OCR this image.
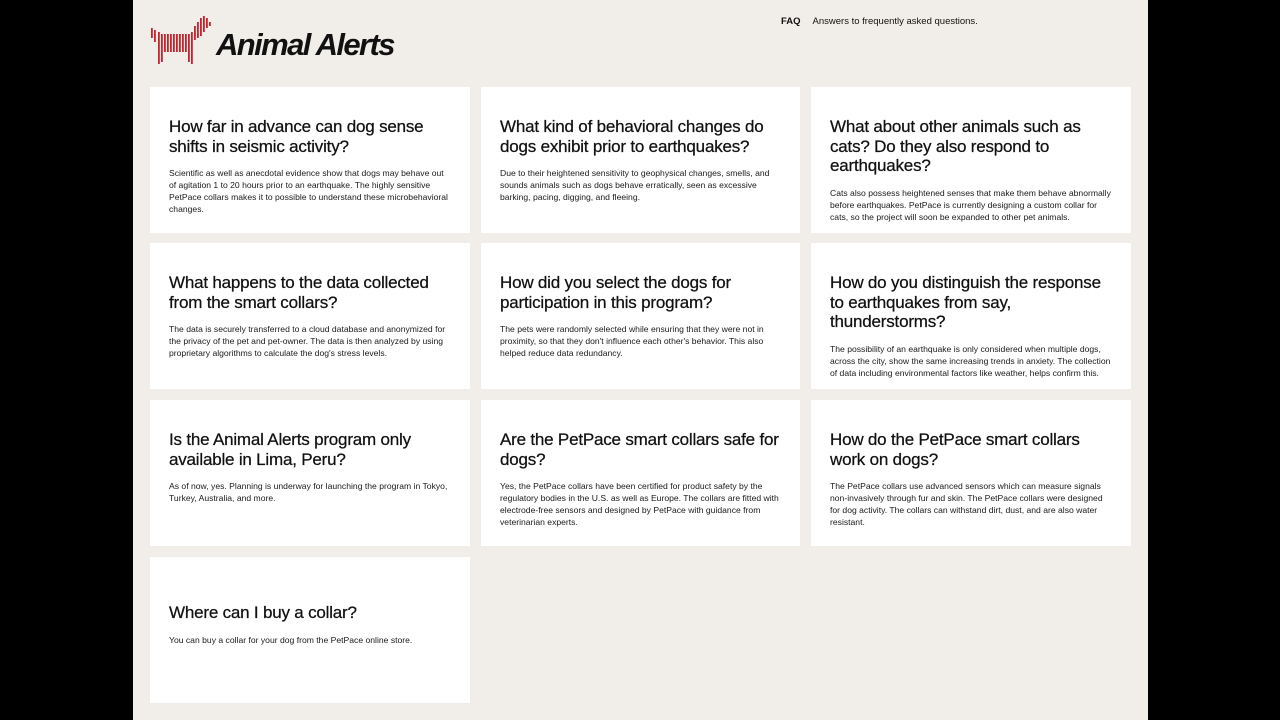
Animal Alerts
FAQ Answers to frequently asked questions.
How far in advance can dog sense shifts in seismic activity?

Scientific as well as anecdotal evidence show that dogs may behave out of agitation 1 to 20 hours prior to an earthquake. The highly sensitive PetPace collars makes it to possible to understand these microbehavioral changes.

What kind of behavioral changes do dogs exhibit prior to earthquakes?

Due to their heightened sensitivity to geophysical changes, smells, and sounds animals such as dogs behave erratically, seen as excessive barking, pacing, digging, and fleeing.

What about other animals such as cats? Do they also respond to earthquakes?

Cats also possess heightened senses that make them behave abnormally before earthquakes. PetPace is currently designing a custom collar for cats, so the project will soon be expanded to other pet animals.

What happens to the data collected from the smart collars?

The data is securely transferred to a cloud database and anonymized for the privacy of the pet and pet-owner. The data is then analyzed by using proprietary algorithms to calculate the dog's stress levels.

How did you select the dogs for participation in this program?

The pets were randomly selected while ensuring that they were not in proximity, so that they don't influence each other's behavior. This also helped reduce data redundancy.

How do you distinguish the response to earthquakes from say, thunderstorms?

The possibility of an earthquake is only considered when multiple dogs, across the city, show the same increasing trends in anxiety. The collection of data including environmental factors like weather, helps confirm this.

Is the Animal Alerts program only available in Lima, Peru?

As of now, yes. Planning is underway for launching the program in Tokyo, Turkey, Australia, and more.

Are the PetPace smart collars safe for dogs?

Yes, the PetPace collars have been certified for product safety by the regulatory bodies in the U.S. as well as Europe. The collars are fitted with electrode-free sensors and designed by PetPace with guidance from veterinarian experts.

How do the PetPace smart collars work on dogs?

The PetPace collars use advanced sensors which can measure signals non-invasively through fur and skin. The PetPace collars were designed for dog activity. The collars can withstand dirt, dust, and are also water resistant.

Where can I buy a collar?

You can buy a collar for your dog from the PetPace online store.
